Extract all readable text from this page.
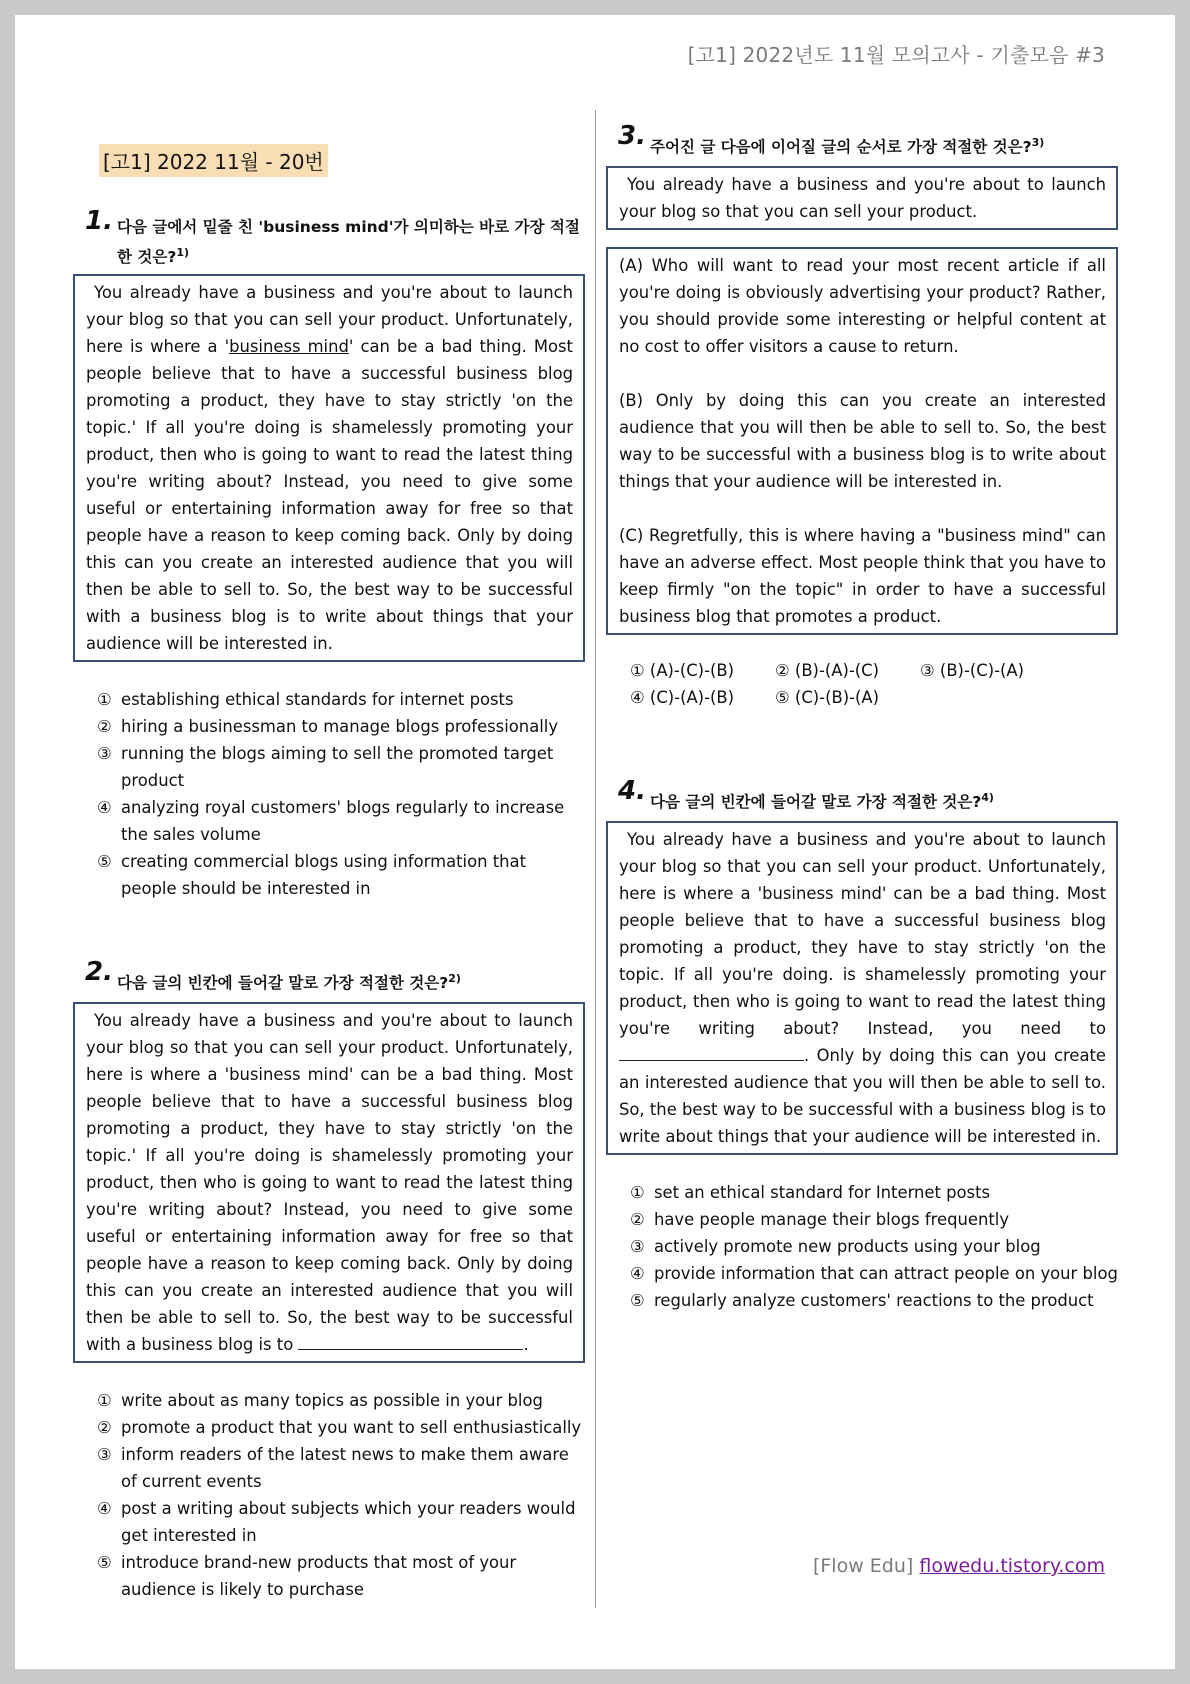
[고1] 2022년도 11월 모의고사 - 기출모음 #3
[고1] 2022 11월 - 20번
1. 다음 글에서 밑줄 친 'business mind'가 의미하는 바로 가장 적절한 것은?$^{1)}$

You already have a business and you're about to launch your blog so that you can sell your product. Unfortunately, here is where a 'business mind' can be a bad thing. Most people believe that to have a successful business blog promoting a product, they have to stay strictly 'on the topic.' If all you're doing is shamelessly promoting your product, then who is going to want to read the latest thing you're writing about? Instead, you need to give some useful or entertaining information away for free so that people have a reason to keep coming back. Only by doing this can you create an interested audience that you will then be able to sell to. So, the best way to be successful with a business blog is to write about things that your audience will be interested in.

① establishing ethical standards for internet posts
② hiring a businessman to manage blogs professionally
③ running the blogs aiming to sell the promoted target product
④ analyzing royal customers' blogs regularly to increase the sales volume
⑤ creating commercial blogs using information that people should be interested in
2. 다음 글의 빈칸에 들어갈 말로 가장 적절한 것은?$^{2)}$

You already have a business and you're about to launch your blog so that you can sell your product. Unfortunately, here is where a 'business mind' can be a bad thing. Most people believe that to have a successful business blog promoting a product, they have to stay strictly 'on the topic.' If all you're doing is shamelessly promoting your product, then who is going to want to read the latest thing you're writing about? Instead, you need to give some useful or entertaining information away for free so that people have a reason to keep coming back. Only by doing this can you create an interested audience that you will then be able to sell to. So, the best way to be successful with a business blog is to	.

① write about as many topics as possible in your blog
② promote a product that you want to sell enthusiastically
③ inform readers of the latest news to make them aware of current events
④ post a writing about subjects which your readers would get interested in
⑤ introduce brand-new products that most of your audience is likely to purchase
3. 주어진 글 다음에 이어질 글의 순서로 가장 적절한 것은?$^{3)}$

You already have a business and you're about to launch your blog so that you can sell your product.

(A) Who will want to read your most recent article if all you're doing is obviously advertising your product? Rather, you should provide some interesting or helpful content at no cost to offer visitors a cause to return.

(B) Only by doing this can you create an interested audience that you will then be able to sell to. So, the best way to be successful with a business blog is to write about things that your audience will be interested in.

(C) Regretfully, this is where having a "business mind" can have an adverse effect. Most people think that you have to keep firmly "on the topic" in order to have a successful business blog that promotes a product.

① (A)-(C)-(B)	② (B)-(A)-(C)	③ (B)-(C)-(A)
④ (C)-(A)-(B)	⑤ (C)-(B)-(A)
4. 다음 글의 빈칸에 들어갈 말로 가장 적절한 것은?$^{4)}$

You already have a business and you're about to launch your blog so that you can sell your product. Unfortunately, here is where a 'business mind' can be a bad thing. Most people believe that to have a successful business blog promoting a product, they have to stay strictly 'on the topic. If all you're doing. is shamelessly promoting your product, then who is going to want to read the latest thing you're writing about? Instead, you need to . Only by doing this can you create an interested audience that you will then be able to sell to. So, the best way to be successful with a business blog is to write about things that your audience will be interested in.

① set an ethical standard for Internet posts
② have people manage their blogs frequently
③ actively promote new products using your blog
④ provide information that can attract people on your blog
⑤ regularly analyze customers' reactions to the product
[Flow Edu] flowedu.tistory.com
